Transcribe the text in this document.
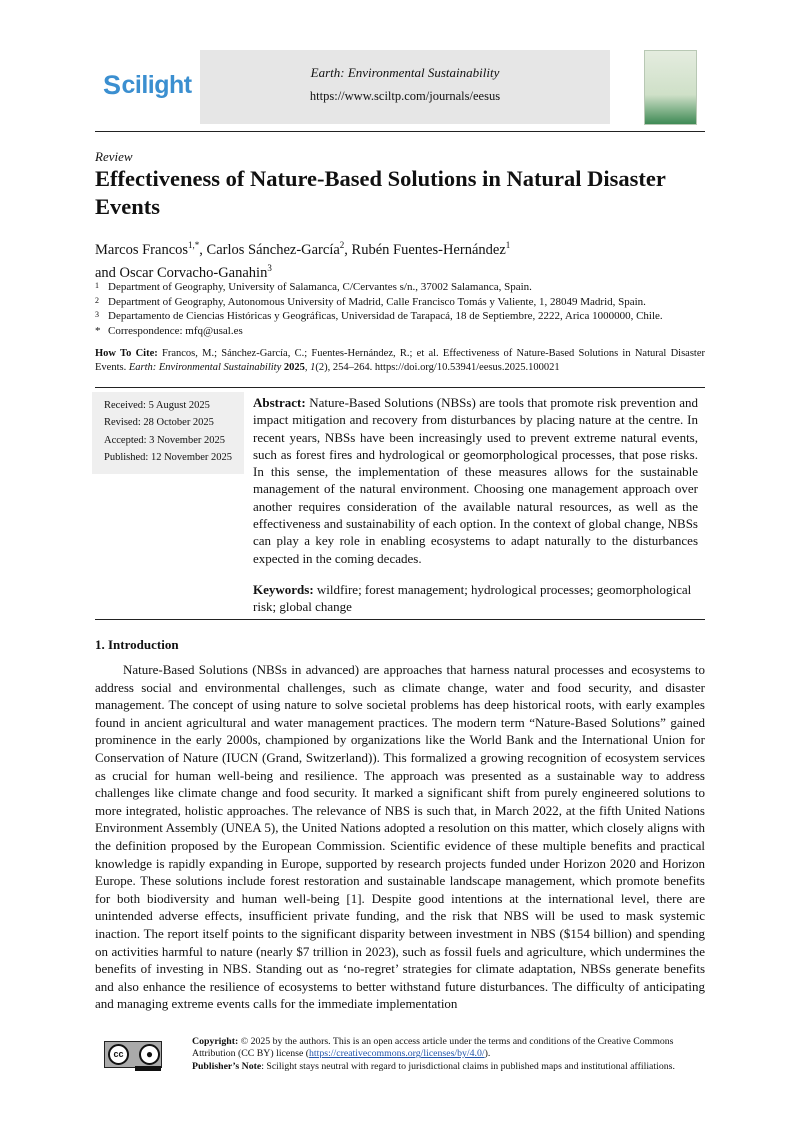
S cilight	Earth: Environmental Sustainability
https://www.sciltp.com/journals/eesus
Review
Effectiveness of Nature-Based Solutions in Natural Disaster Events
Marcos Francos$^{1,*}$, Carlos Sánchez-García$^2$, Rubén Fuentes-Hernández$^1$
and Oscar Corvacho-Ganahin$^3$
1 Department of Geography, University of Salamanca, C/Cervantes s/n., 37002 Salamanca, Spain.
2 Department of Geography, Autonomous University of Madrid, Calle Francisco Tomás y Valiente, 1, 28049 Madrid, Spain.
3 Departamento de Ciencias Históricas y Geográficas, Universidad de Tarapacá, 18 de Septiembre, 2222, Arica 1000000, Chile.
* Correspondence: mfq@usal.es
How To Cite: Francos, M.; Sánchez-García, C.; Fuentes-Hernández, R.; et al. Effectiveness of Nature-Based Solutions in Natural Disaster Events. Earth: Environmental Sustainability 2025, 1(2), 254–264. https://doi.org/10.53941/eesus.2025.100021
Received: 5 August 2025
Revised: 28 October 2025
Accepted: 3 November 2025
Published: 12 November 2025
Abstract: Nature-Based Solutions (NBSs) are tools that promote risk prevention and impact mitigation and recovery from disturbances by placing nature at the centre. In recent years, NBSs have been increasingly used to prevent extreme natural events, such as forest fires and hydrological or geomorphological processes, that pose risks. In this sense, the implementation of these measures allows for the sustainable management of the natural environment. Choosing one management approach over another requires consideration of the available natural resources, as well as the effectiveness and sustainability of each option. In the context of global change, NBSs can play a key role in enabling ecosystems to adapt naturally to the disturbances expected in the coming decades.
Keywords: wildfire; forest management; hydrological processes; geomorphological risk; global change
1. Introduction
Nature-Based Solutions (NBSs in advanced) are approaches that harness natural processes and ecosystems to address social and environmental challenges, such as climate change, water and food security, and disaster management. The concept of using nature to solve societal problems has deep historical roots, with early examples found in ancient agricultural and water management practices. The modern term “Nature-Based Solutions” gained prominence in the early 2000s, championed by organizations like the World Bank and the International Union for Conservation of Nature (IUCN (Grand, Switzerland)). This formalized a growing recognition of ecosystem services as crucial for human well-being and resilience. The approach was presented as a sustainable way to address challenges like climate change and food security. It marked a significant shift from purely engineered solutions to more integrated, holistic approaches. The relevance of NBS is such that, in March 2022, at the fifth United Nations Environment Assembly (UNEA 5), the United Nations adopted a resolution on this matter, which closely aligns with the definition proposed by the European Commission. Scientific evidence of these multiple benefits and practical knowledge is rapidly expanding in Europe, supported by research projects funded under Horizon 2020 and Horizon Europe. These solutions include forest restoration and sustainable landscape management, which promote benefits for both biodiversity and human well-being [1]. Despite good intentions at the international level, there are unintended adverse effects, insufficient private funding, and the risk that NBS will be used to mask systemic inaction. The report itself points to the significant disparity between investment in NBS ($154 billion) and spending on activities harmful to nature (nearly $7 trillion in 2023), such as fossil fuels and agriculture, which undermines the benefits of investing in NBS. Standing out as ‘no-regret’ strategies for climate adaptation, NBSs generate benefits and also enhance the resilience of ecosystems to better withstand future disturbances. The difficulty of anticipating and managing extreme events calls for the immediate implementation
cc	●
Copyright: © 2025 by the authors. This is an open access article under the terms and conditions of the Creative Commons Attribution (CC BY) license (https://creativecommons.org/licenses/by/4.0/).
Publisher’s Note: Scilight stays neutral with regard to jurisdictional claims in published maps and institutional affiliations.
